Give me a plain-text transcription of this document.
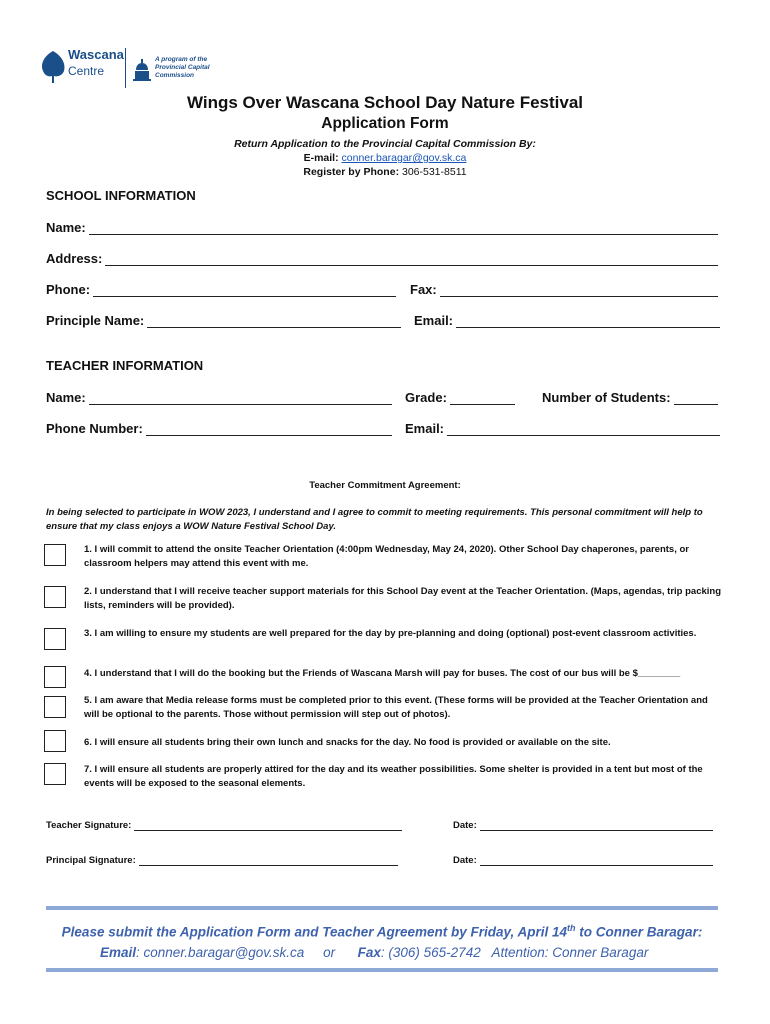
Wascana
Centre
A program of the Provincial Capital Commission
Wings Over Wascana School Day Nature Festival
Application Form
Return Application to the Provincial Capital Commission By:
E-mail: conner.baragar@gov.sk.ca
Register by Phone: 306-531-8511
SCHOOL INFORMATION
Name:
Address:
Phone:	Fax:
Principle Name:	Email:
TEACHER INFORMATION
Name:	Grade:	Number of Students:
Phone Number:	Email:
Teacher Commitment Agreement:
In being selected to participate in WOW 2023, I understand and I agree to commit to meeting requirements. This personal commitment will help to ensure that my class enjoys a WOW Nature Festival School Day.
1. I will commit to attend the onsite Teacher Orientation (4:00pm Wednesday, May 24, 2020). Other School Day chaperones, parents, or classroom helpers may attend this event with me.
2. I understand that I will receive teacher support materials for this School Day event at the Teacher Orientation. (Maps, agendas, trip packing lists, reminders will be provided).
3. I am willing to ensure my students are well prepared for the day by pre-planning and doing (optional) post-event classroom activities.
4. I understand that I will do the booking but the Friends of Wascana Marsh will pay for buses. The cost of our bus will be $________
5. I am aware that Media release forms must be completed prior to this event. (These forms will be provided at the Teacher Orientation and will be optional to the parents. Those without permission will step out of photos).
6. I will ensure all students bring their own lunch and snacks for the day. No food is provided or available on the site.
7. I will ensure all students are properly attired for the day and its weather possibilities. Some shelter is provided in a tent but most of the events will be exposed to the seasonal elements.
Teacher Signature:	Date:
Principal Signature:	Date:
Please submit the Application Form and Teacher Agreement by Friday, April 14th to Conner Baragar:
Email: conner.baragar@gov.sk.ca or Fax: (306) 565-2742 Attention: Conner Baragar
